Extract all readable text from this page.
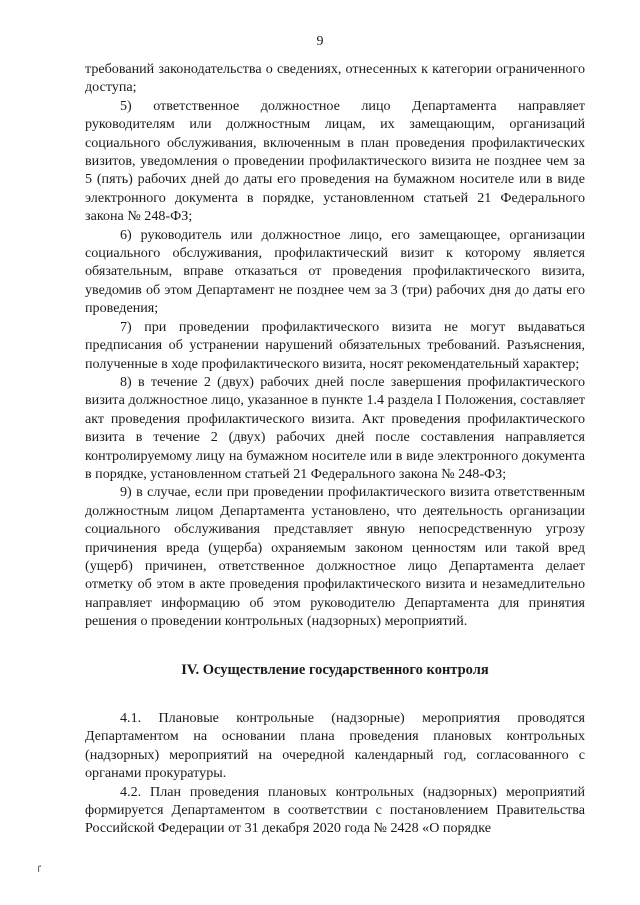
9

требований законодательства о сведениях, отнесенных к категории ограниченного доступа;

5) ответственное должностное лицо Департамента направляет руководителям или должностным лицам, их замещающим, организаций социального обслуживания, включенным в план проведения профилактических визитов, уведомления о проведении профилактического визита не позднее чем за 5 (пять) рабочих дней до даты его проведения на бумажном носителе или в виде электронного документа в порядке, установленном статьей 21 Федерального закона № 248-ФЗ;

6) руководитель или должностное лицо, его замещающее, организации социального обслуживания, профилактический визит к которому является обязательным, вправе отказаться от проведения профилактического визита, уведомив об этом Департамент не позднее чем за 3 (три) рабочих дня до даты его проведения;

7) при проведении профилактического визита не могут выдаваться предписания об устранении нарушений обязательных требований. Разъяснения, полученные в ходе профилактического визита, носят рекомендательный характер;

8) в течение 2 (двух) рабочих дней после завершения профилактического визита должностное лицо, указанное в пункте 1.4 раздела I Положения, составляет акт проведения профилактического визита. Акт проведения профилактического визита в течение 2 (двух) рабочих дней после составления направляется контролируемому лицу на бумажном носителе или в виде электронного документа в порядке, установленном статьей 21 Федерального закона № 248-ФЗ;

9) в случае, если при проведении профилактического визита ответственным должностным лицом Департамента установлено, что деятельность организации социального обслуживания представляет явную непосредственную угрозу причинения вреда (ущерба) охраняемым законом ценностям или такой вред (ущерб) причинен, ответственное должностное лицо Департамента делает отметку об этом в акте проведения профилактического визита и незамедлительно направляет информацию об этом руководителю Департамента для принятия решения о проведении контрольных (надзорных) мероприятий.

IV. Осуществление государственного контроля

4.1. Плановые контрольные (надзорные) мероприятия проводятся Департаментом на основании плана проведения плановых контрольных (надзорных) мероприятий на очередной календарный год, согласованного с органами прокуратуры.

4.2. План проведения плановых контрольных (надзорных) мероприятий формируется Департаментом в соответствии с постановлением Правительства Российской Федерации от 31 декабря 2020 года № 2428 «О порядке

ٵ
